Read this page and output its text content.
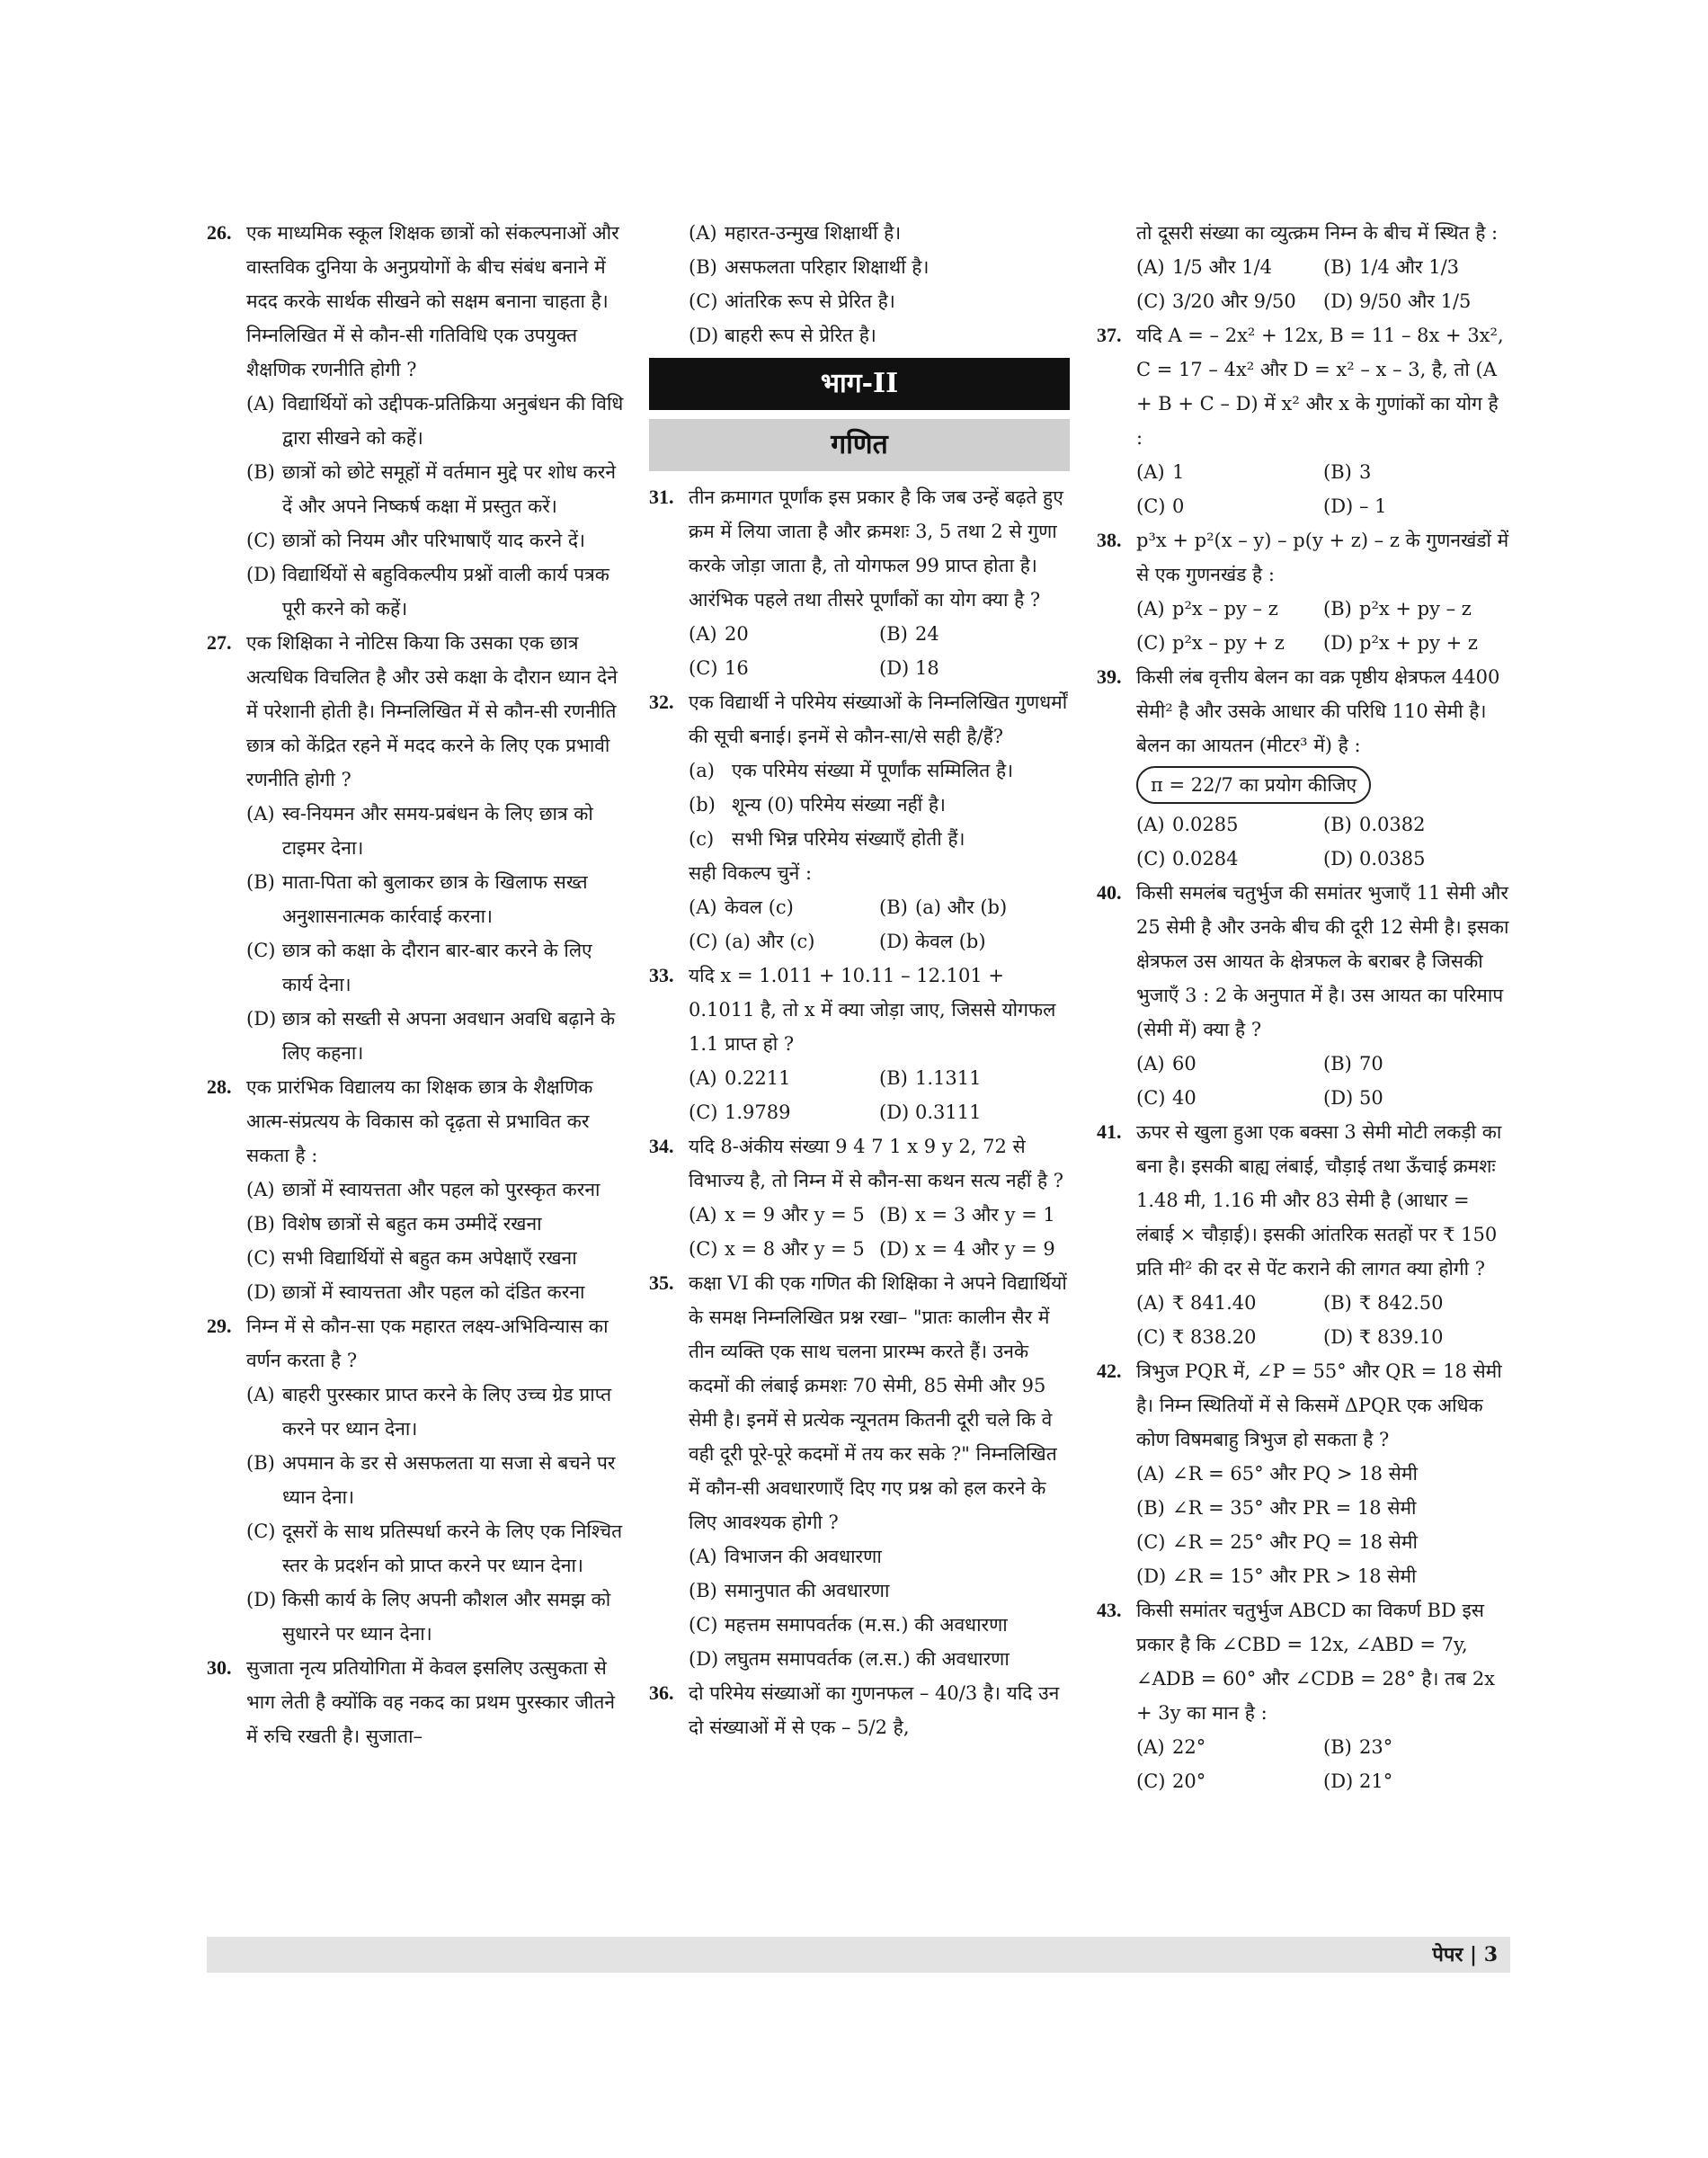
26. एक माध्यमिक स्कूल शिक्षक छात्रों को संकल्पनाओं और वास्तविक दुनिया के अनुप्रयोगों के बीच संबंध बनाने में मदद करके सार्थक सीखने को सक्षम बनाना चाहता है। निम्नलिखित में से कौन-सी गतिविधि एक उपयुक्त शैक्षणिक रणनीति होगी ?
(A) विद्यार्थियों को उद्दीपक-प्रतिक्रिया अनुबंधन की विधि द्वारा सीखने को कहें।
(B) छात्रों को छोटे समूहों में वर्तमान मुद्दे पर शोध करने दें और अपने निष्कर्ष कक्षा में प्रस्तुत करें।
(C) छात्रों को नियम और परिभाषाएँ याद करने दें।
(D) विद्यार्थियों से बहुविकल्पीय प्रश्नों वाली कार्य पत्रक पूरी करने को कहें।
27. एक शिक्षिका ने नोटिस किया कि उसका एक छात्र अत्यधिक विचलित है और उसे कक्षा के दौरान ध्यान देने में परेशानी होती है। निम्नलिखित में से कौन-सी रणनीति छात्र को केंद्रित रहने में मदद करने के लिए एक प्रभावी रणनीति होगी ?
(A) स्व-नियमन और समय-प्रबंधन के लिए छात्र को टाइमर देना।
(B) माता-पिता को बुलाकर छात्र के खिलाफ सख्त अनुशासनात्मक कार्रवाई करना।
(C) छात्र को कक्षा के दौरान बार-बार करने के लिए कार्य देना।
(D) छात्र को सख्ती से अपना अवधान अवधि बढ़ाने के लिए कहना।
28. एक प्रारंभिक विद्यालय का शिक्षक छात्र के शैक्षणिक आत्म-संप्रत्यय के विकास को दृढ़ता से प्रभावित कर सकता है :
(A) छात्रों में स्वायत्तता और पहल को पुरस्कृत करना
(B) विशेष छात्रों से बहुत कम उम्मीदें रखना
(C) सभी विद्यार्थियों से बहुत कम अपेक्षाएँ रखना
(D) छात्रों में स्वायत्तता और पहल को दंडित करना
29. निम्न में से कौन-सा एक महारत लक्ष्य-अभिविन्यास का वर्णन करता है ?
(A) बाहरी पुरस्कार प्राप्त करने के लिए उच्च ग्रेड प्राप्त करने पर ध्यान देना।
(B) अपमान के डर से असफलता या सजा से बचने पर ध्यान देना।
(C) दूसरों के साथ प्रतिस्पर्धा करने के लिए एक निश्चित स्तर के प्रदर्शन को प्राप्त करने पर ध्यान देना।
(D) किसी कार्य के लिए अपनी कौशल और समझ को सुधारने पर ध्यान देना।
30. सुजाता नृत्य प्रतियोगिता में केवल इसलिए उत्सुकता से भाग लेती है क्योंकि वह नकद का प्रथम पुरस्कार जीतने में रुचि रखती है। सुजाता–
(A) महारत-उन्मुख शिक्षार्थी है।
(B) असफलता परिहार शिक्षार्थी है।
(C) आंतरिक रूप से प्रेरित है।
(D) बाहरी रूप से प्रेरित है।
भाग-II
गणित
31. तीन क्रमागत पूर्णांक इस प्रकार है कि जब उन्हें बढ़ते हुए क्रम में लिया जाता है और क्रमशः 3, 5 तथा 2 से गुणा करके जोड़ा जाता है, तो योगफल 99 प्राप्त होता है। आरंभिक पहले तथा तीसरे पूर्णांकों का योग क्या है ?
(A) 20	(B) 24
(C) 16	(D) 18
32. एक विद्यार्थी ने परिमेय संख्याओं के निम्नलिखित गुणधर्मों की सूची बनाई। इनमें से कौन-सा/से सही है/हैं?
(a) एक परिमेय संख्या में पूर्णांक सम्मिलित है।
(b) शून्य (0) परिमेय संख्या नहीं है।
(c) सभी भिन्न परिमेय संख्याएँ होती हैं।
सही विकल्प चुनें :
(A) केवल (c)	(B) (a) और (b)
(C) (a) और (c)	(D) केवल (b)
33. यदि x = 1.011 + 10.11 – 12.101 + 0.1011 है, तो x में क्या जोड़ा जाए, जिससे योगफल 1.1 प्राप्त हो ?
(A) 0.2211	(B) 1.1311
(C) 1.9789	(D) 0.3111
34. यदि 8-अंकीय संख्या 9 4 7 1 x 9 y 2, 72 से विभाज्य है, तो निम्न में से कौन-सा कथन सत्य नहीं है ?
(A) x = 9 और y = 5 (B) x = 3 और y = 1
(C) x = 8 और y = 5 (D) x = 4 और y = 9
35. कक्षा VI की एक गणित की शिक्षिका ने अपने विद्यार्थियों के समक्ष निम्नलिखित प्रश्न रखा– "प्रातः कालीन सैर में तीन व्यक्ति एक साथ चलना प्रारम्भ करते हैं। उनके कदमों की लंबाई क्रमशः 70 सेमी, 85 सेमी और 95 सेमी है। इनमें से प्रत्येक न्यूनतम कितनी दूरी चले कि वे वही दूरी पूरे-पूरे कदमों में तय कर सके ?" निम्नलिखित में कौन-सी अवधारणाएँ दिए गए प्रश्न को हल करने के लिए आवश्यक होगी ?
(A) विभाजन की अवधारणा
(B) समानुपात की अवधारणा
(C) महत्तम समापवर्तक (म.स.) की अवधारणा
(D) लघुतम समापवर्तक (ल.स.) की अवधारणा
36. दो परिमेय संख्याओं का गुणनफल – 40/3 है। यदि उन दो संख्याओं में से एक – 5/2 है,
तो दूसरी संख्या का व्युत्क्रम निम्न के बीच में स्थित है :
(A) 1/5 और 1/4	(B) 1/4 और 1/3
(C) 3/20 और 9/50 (D) 9/50 और 1/5
37. यदि A = – 2x² + 12x, B = 11 – 8x + 3x², C = 17 – 4x² और D = x² – x – 3, है, तो (A + B + C – D) में x² और x के गुणांकों का योग है :
(A) 1	(B) 3
(C) 0	(D) – 1
38. p³x + p²(x – y) – p(y + z) – z के गुणनखंडों में से एक गुणनखंड है :
(A) p²x – py – z (B) p²x + py – z
(C) p²x – py + z (D) p²x + py + z
39. किसी लंब वृत्तीय बेलन का वक्र पृष्ठीय क्षेत्रफल 4400 सेमी² है और उसके आधार की परिधि 110 सेमी है। बेलन का आयतन (मीटर³ में) है :
π = 22/7 का प्रयोग कीजिए
(A) 0.0285	(B) 0.0382
(C) 0.0284	(D) 0.0385
40. किसी समलंब चतुर्भुज की समांतर भुजाएँ 11 सेमी और 25 सेमी है और उनके बीच की दूरी 12 सेमी है। इसका क्षेत्रफल उस आयत के क्षेत्रफल के बराबर है जिसकी भुजाएँ 3 : 2 के अनुपात में है। उस आयत का परिमाप (सेमी में) क्या है ?
(A) 60	(B) 70
(C) 40	(D) 50
41. ऊपर से खुला हुआ एक बक्सा 3 सेमी मोटी लकड़ी का बना है। इसकी बाह्य लंबाई, चौड़ाई तथा ऊँचाई क्रमशः 1.48 मी, 1.16 मी और 83 सेमी है (आधार = लंबाई × चौड़ाई)। इसकी आंतरिक सतहों पर ₹ 150 प्रति मी² की दर से पेंट कराने की लागत क्या होगी ?
(A) ₹ 841.40	(B) ₹ 842.50
(C) ₹ 838.20	(D) ₹ 839.10
42. त्रिभुज PQR में, ∠P = 55° और QR = 18 सेमी है। निम्न स्थितियों में से किसमें ΔPQR एक अधिक कोण विषमबाहु त्रिभुज हो सकता है ?
(A) ∠R = 65° और PQ > 18 सेमी
(B) ∠R = 35° और PR = 18 सेमी
(C) ∠R = 25° और PQ = 18 सेमी
(D) ∠R = 15° और PR > 18 सेमी
43. किसी समांतर चतुर्भुज ABCD का विकर्ण BD इस प्रकार है कि ∠CBD = 12x, ∠ABD = 7y, ∠ADB = 60° और ∠CDB = 28° है। तब 2x + 3y का मान है :
(A) 22°	(B) 23°
(C) 20°	(D) 21°
पेपर | 3
